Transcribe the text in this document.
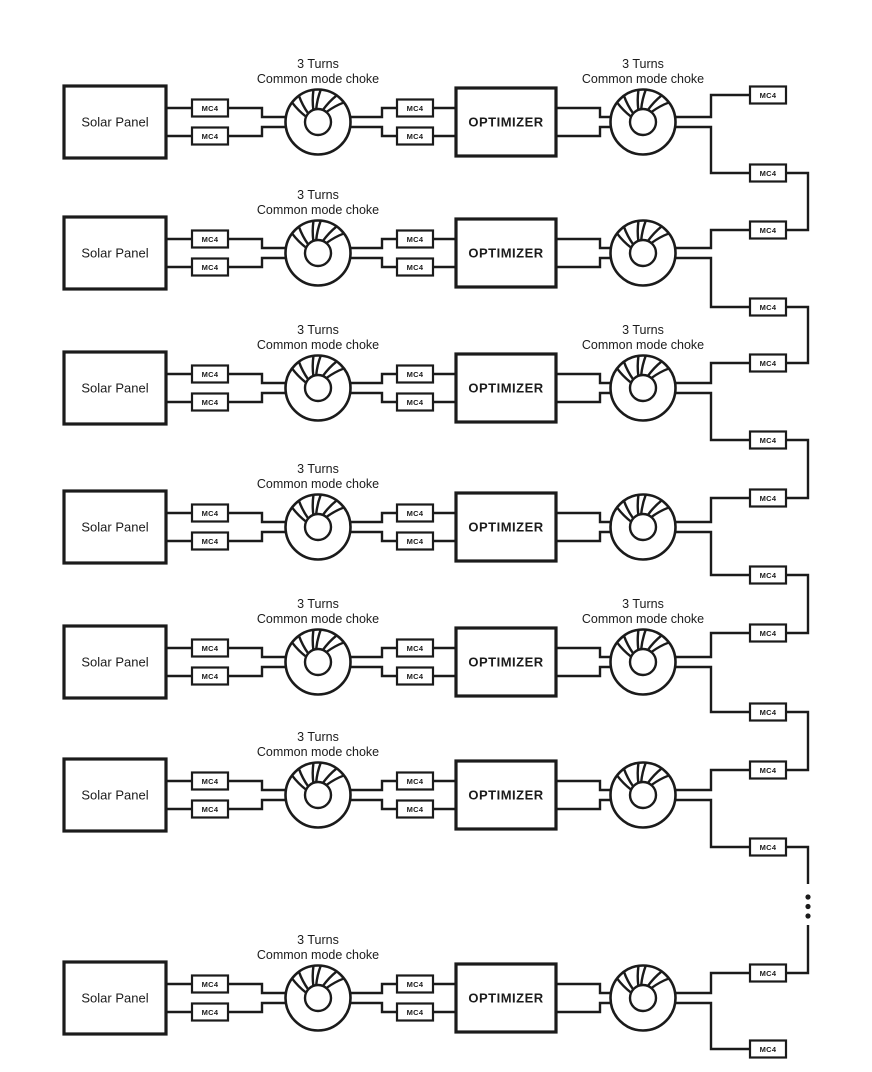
3 Turns
Common mode choke
3 Turns
Common mode choke
MC4
MC4
MC4
MC4
Solar Panel	OPTIMIZER
3 Turns
Common mode choke
MC4
MC4
MC4
MC4
Solar Panel	OPTIMIZER
3 Turns
Common mode choke
3 Turns
Common mode choke
MC4
MC4
MC4
MC4
Solar Panel	OPTIMIZER
3 Turns
Common mode choke
MC4
MC4
MC4
MC4
Solar Panel	OPTIMIZER
3 Turns
Common mode choke
3 Turns
Common mode choke
MC4
MC4
MC4
MC4
Solar Panel	OPTIMIZER
3 Turns
Common mode choke
MC4
MC4
MC4
MC4
Solar Panel	OPTIMIZER
3 Turns
Common mode choke
MC4
MC4
MC4
MC4
Solar Panel	OPTIMIZER
MC4
MC4
MC4
MC4
MC4
MC4
MC4
MC4
MC4
MC4
MC4
MC4
MC4
MC4
